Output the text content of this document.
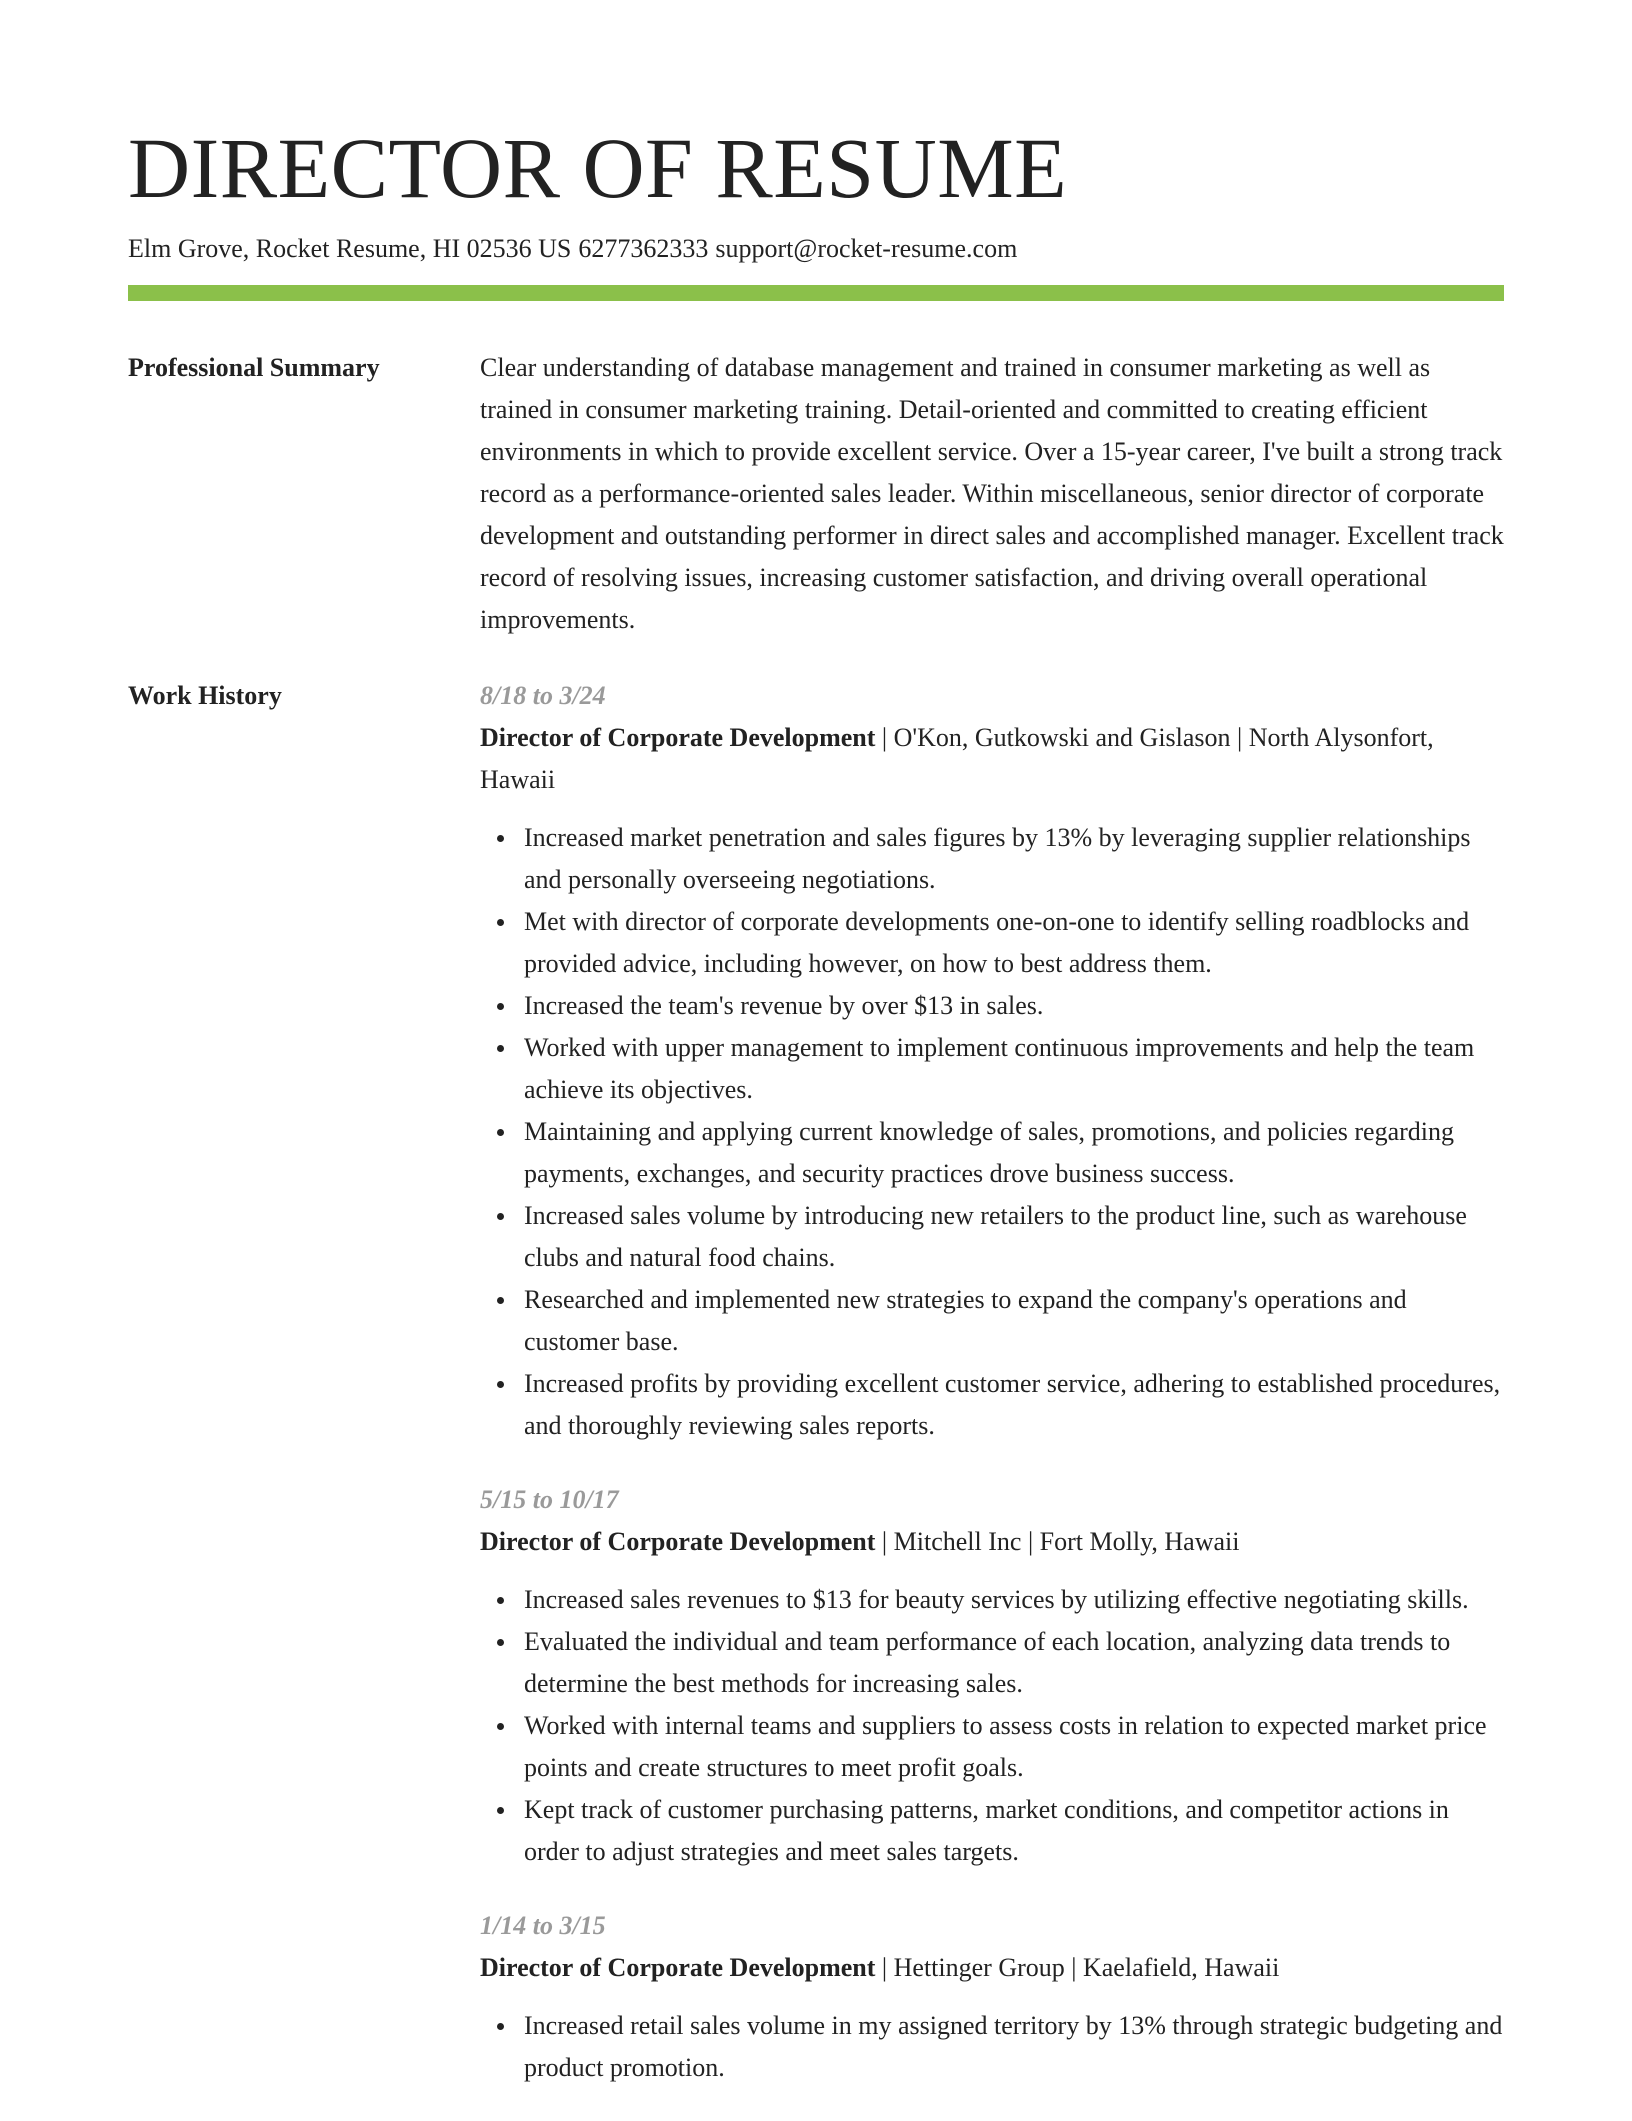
DIRECTOR OF RESUME
Elm Grove, Rocket Resume, HI 02536 US 6277362333 support@rocket-resume.com
Professional Summary	Clear understanding of database management and trained in consumer marketing as well as trained in consumer marketing training. Detail-oriented and committed to creating efficient environments in which to provide excellent service. Over a 15-year career, I've built a strong track record as a performance-oriented sales leader. Within miscellaneous, senior director of corporate development and outstanding performer in direct sales and accomplished manager. Excellent track record of resolving issues, increasing customer satisfaction, and driving overall operational improvements.

Work History	8/18 to 3/24
Director of Corporate Development | O'Kon, Gutkowski and Gislason | North Alysonfort, Hawaii
Increased market penetration and sales figures by 13% by leveraging supplier relationships and personally overseeing negotiations.
Met with director of corporate developments one-on-one to identify selling roadblocks and provided advice, including however, on how to best address them.
Increased the team's revenue by over $13 in sales.
Worked with upper management to implement continuous improvements and help the team achieve its objectives.
Maintaining and applying current knowledge of sales, promotions, and policies regarding payments, exchanges, and security practices drove business success.
Increased sales volume by introducing new retailers to the product line, such as warehouse clubs and natural food chains.
Researched and implemented new strategies to expand the company's operations and customer base.
Increased profits by providing excellent customer service, adhering to established procedures, and thoroughly reviewing sales reports.
5/15 to 10/17
Director of Corporate Development | Mitchell Inc | Fort Molly, Hawaii
Increased sales revenues to $13 for beauty services by utilizing effective negotiating skills.
Evaluated the individual and team performance of each location, analyzing data trends to determine the best methods for increasing sales.
Worked with internal teams and suppliers to assess costs in relation to expected market price points and create structures to meet profit goals.
Kept track of customer purchasing patterns, market conditions, and competitor actions in order to adjust strategies and meet sales targets.
1/14 to 3/15
Director of Corporate Development | Hettinger Group | Kaelafield, Hawaii
Increased retail sales volume in my assigned territory by 13% through strategic budgeting and product promotion.
